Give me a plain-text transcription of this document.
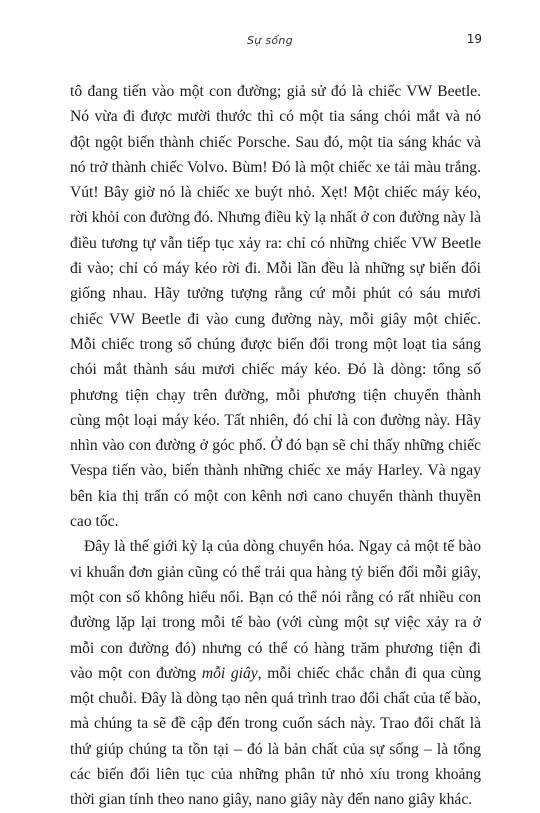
Sự sống	19

tô đang tiến vào một con đường; giả sử đó là chiếc VW Beetle. Nó vừa đi được mười thước thì có một tia sáng chói mắt và nó đột ngột biến thành chiếc Porsche. Sau đó, một tia sáng khác và nó trở thành chiếc Volvo. Bùm! Đó là một chiếc xe tải màu trắng. Vút! Bây giờ nó là chiếc xe buýt nhỏ. Xẹt! Một chiếc máy kéo, rời khỏi con đường đó. Nhưng điều kỳ lạ nhất ở con đường này là điều tương tự vẫn tiếp tục xảy ra: chỉ có những chiếc VW Beetle đi vào; chỉ có máy kéo rời đi. Mỗi lần đều là những sự biến đổi giống nhau. Hãy tưởng tượng rằng cứ mỗi phút có sáu mươi chiếc VW Beetle đi vào cung đường này, mỗi giây một chiếc. Mỗi chiếc trong số chúng được biến đổi trong một loạt tia sáng chói mắt thành sáu mươi chiếc máy kéo. Đó là dòng: tổng số phương tiện chạy trên đường, mỗi phương tiện chuyển thành cùng một loại máy kéo. Tất nhiên, đó chỉ là con đường này. Hãy nhìn vào con đường ở góc phố. Ở đó bạn sẽ chỉ thấy những chiếc Vespa tiến vào, biến thành những chiếc xe máy Harley. Và ngay bên kia thị trấn có một con kênh nơi cano chuyển thành thuyền cao tốc.

Đây là thế giới kỳ lạ của dòng chuyển hóa. Ngay cả một tế bào vi khuẩn đơn giản cũng có thể trải qua hàng tỷ biến đổi mỗi giây, một con số không hiểu nổi. Bạn có thể nói rằng có rất nhiều con đường lặp lại trong mỗi tế bào (với cùng một sự việc xảy ra ở mỗi con đường đó) nhưng có thể có hàng trăm phương tiện đi vào một con đường mỗi giây, mỗi chiếc chắc chắn đi qua cùng một chuỗi. Đây là dòng tạo nên quá trình trao đổi chất của tế bào, mà chúng ta sẽ đề cập đến trong cuốn sách này. Trao đổi chất là thứ giúp chúng ta tồn tại – đó là bản chất của sự sống – là tổng các biến đổi liên tục của những phân tử nhỏ xíu trong khoảng thời gian tính theo nano giây, nano giây này đến nano giây khác.
